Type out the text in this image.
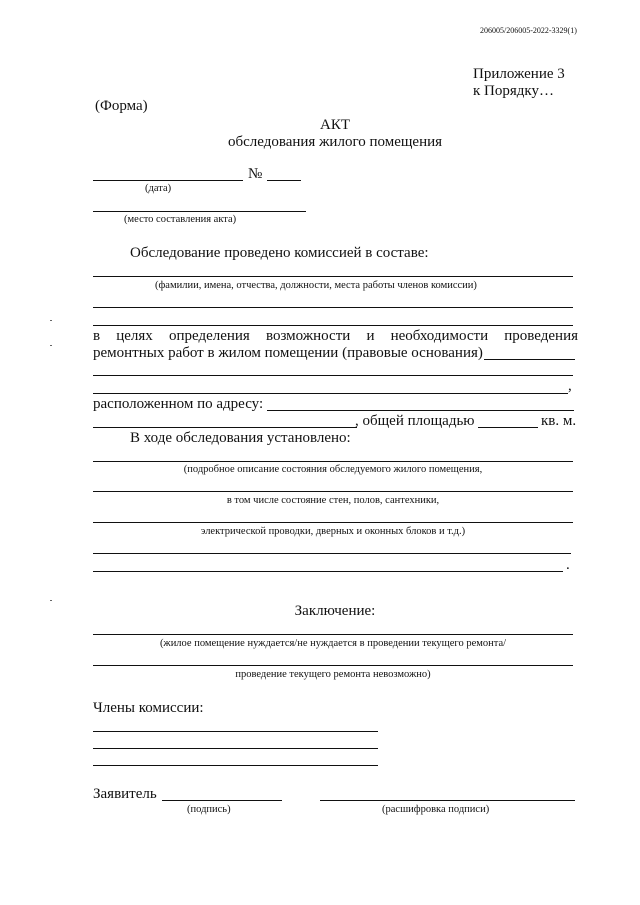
206005/206005-2022-3329(1)
Приложение 3
к Порядку…
(Форма)
АКТ
обследования жилого помещения
№
(дата)
(место составления акта)
Обследование проведено комиссией в составе:
(фамилии, имена, отчества, должности, места работы членов комиссии)
в целях определения возможности и необходимости проведения
ремонтных работ в жилом помещении (правовые основания)
,
расположенном по адресу:
, общей площадью	кв. м.
В ходе обследования установлено:
(подробное описание состояния обследуемого жилого помещения,
в том числе состояние стен, полов, сантехники,
электрической проводки, дверных и оконных блоков и т.д.)
.
Заключение:
(жилое помещение нуждается/не нуждается в проведении текущего ремонта/
проведение текущего ремонта невозможно)
Члены комиссии:
Заявитель
(подпись)	(расшифровка подписи)
